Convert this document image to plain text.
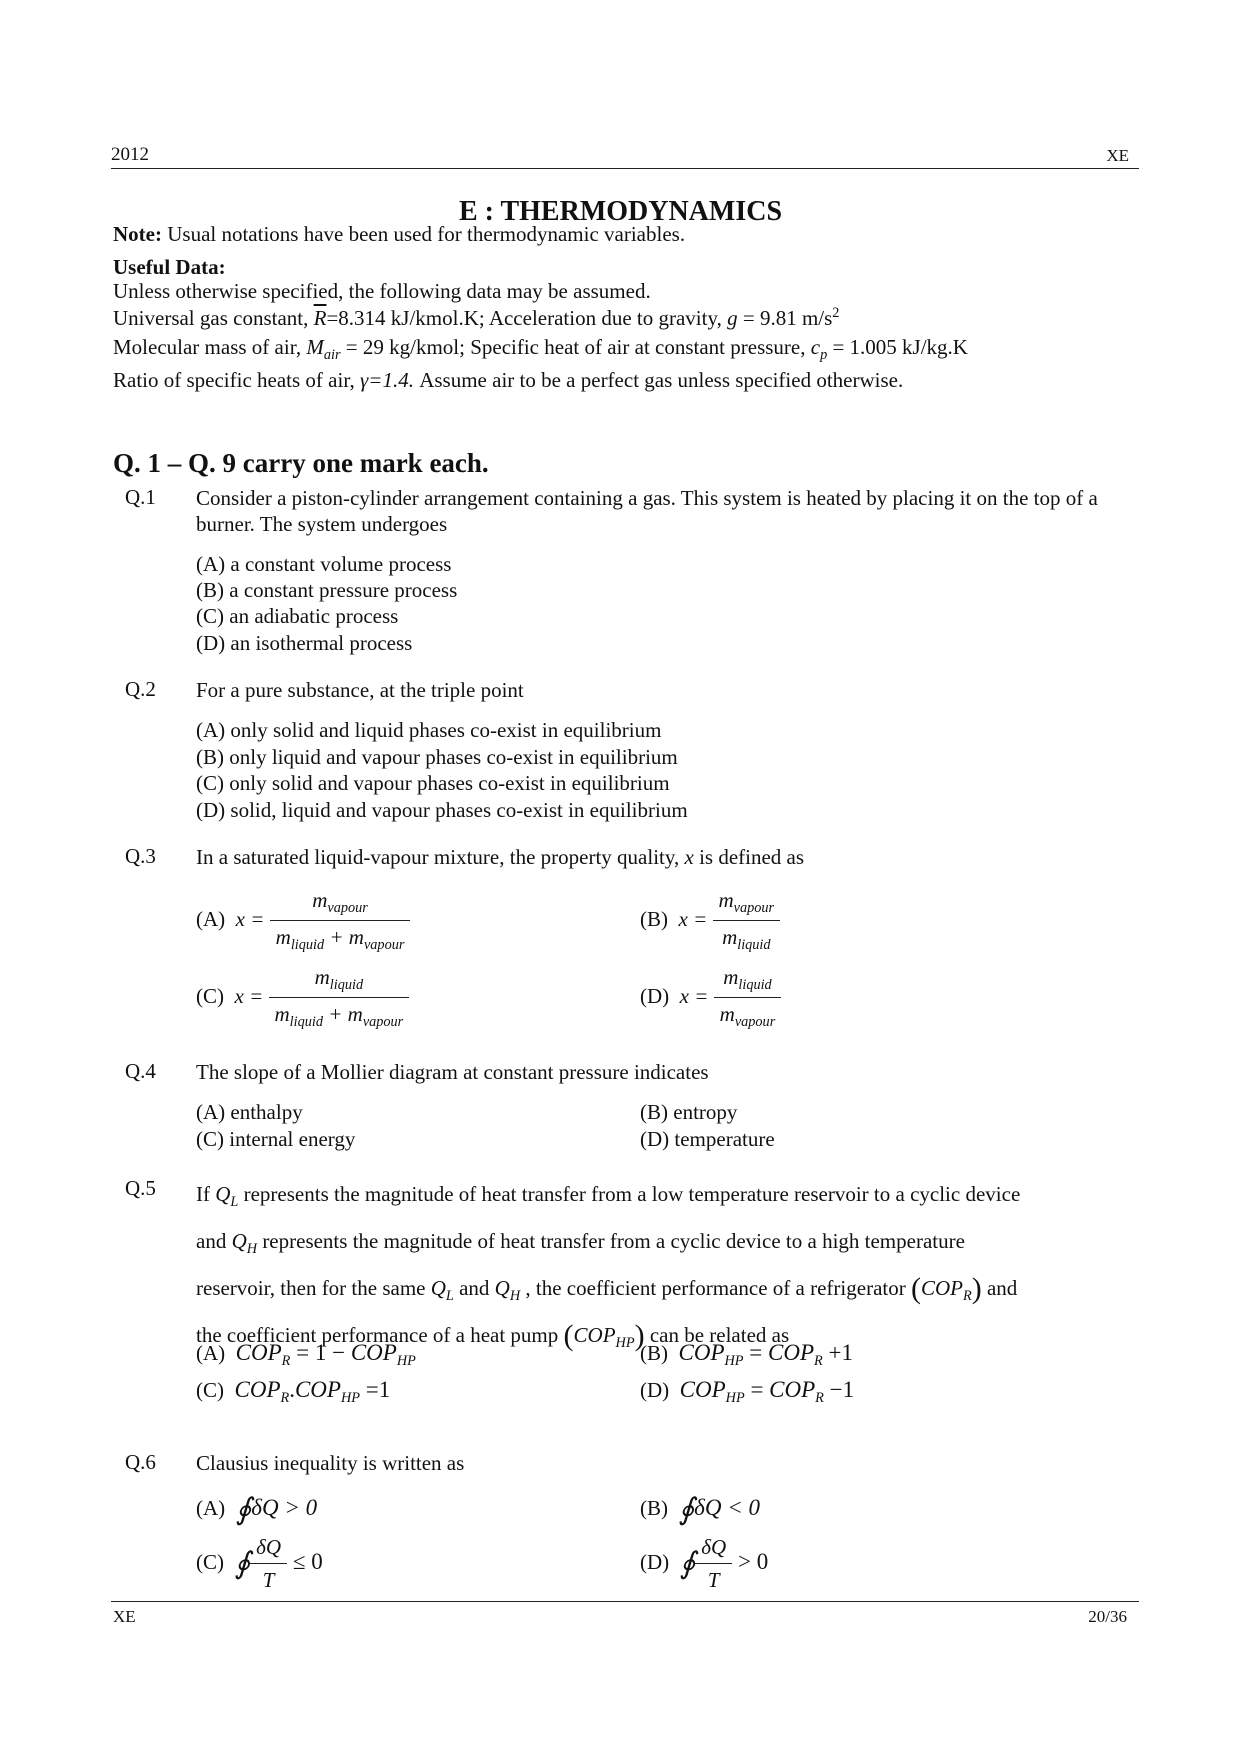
2012	XE
E : THERMODYNAMICS
Note: Usual notations have been used for thermodynamic variables.
Useful Data:
Unless otherwise specified, the following data may be assumed.
Universal gas constant, $\overline{R}=8.314$ kJ/kmol.K; Acceleration due to gravity, g = 9.81 $m/s^2$
Molecular mass of air, $M_{air} = 29$ kg/kmol; Specific heat of air at constant pressure, $c_p = 1.005$ kJ/kg.K
Ratio of specific heats of air, γ=1.4. Assume air to be a perfect gas unless specified otherwise.
Q. 1 – Q. 9 carry one mark each.
Q.1 Consider a piston-cylinder arrangement containing a gas. This system is heated by placing it on the top of a burner. The system undergoes
(A) a constant volume process
(B) a constant pressure process
(C) an adiabatic process
(D) an isothermal process
Q.2 For a pure substance, at the triple point
(A) only solid and liquid phases co-exist in equilibrium
(B) only liquid and vapour phases co-exist in equilibrium
(C) only solid and vapour phases co-exist in equilibrium
(D) solid, liquid and vapour phases co-exist in equilibrium
Q.3 In a saturated liquid-vapour mixture, the property quality, x is defined as
(A) $x = \frac{m_{vapour}}{m_{liquid} + m_{vapour}}$	(B) $x = \frac{m_{vapour}}{m_{liquid}}$
(C) $x = \frac{m_{liquid}}{m_{liquid} + m_{vapour}}$	(D) $x = \frac{m_{liquid}}{m_{vapour}}$
Q.4 The slope of a Mollier diagram at constant pressure indicates
(A) enthalpy	(B) entropy
(C) internal energy	(D) temperature
Q.5 If $Q_L$ represents the magnitude of heat transfer from a low temperature reservoir to a cyclic device
and $Q_H$ represents the magnitude of heat transfer from a cyclic device to a high temperature
reservoir, then for the same $Q_L$ and $Q_H$ , the coefficient performance of a refrigerator $(COP_R)$ and
the coefficient performance of a heat pump $(COP_{HP})$ can be related as
(A) $COP_R = 1 - COP_{HP}$	(B) $COP_{HP} = COP_R +1$
(C) $COP_R.COP_{HP} =1$	(D) $COP_{HP} = COP_R -1$
Q.6 Clausius inequality is written as
(A) ∮δQ > 0	(B) ∮δQ < 0
(C) ∮ $\frac{\delta Q}{T} \le 0$	(D) ∮ $\frac{\delta Q}{T} > 0$
XE	20/36
